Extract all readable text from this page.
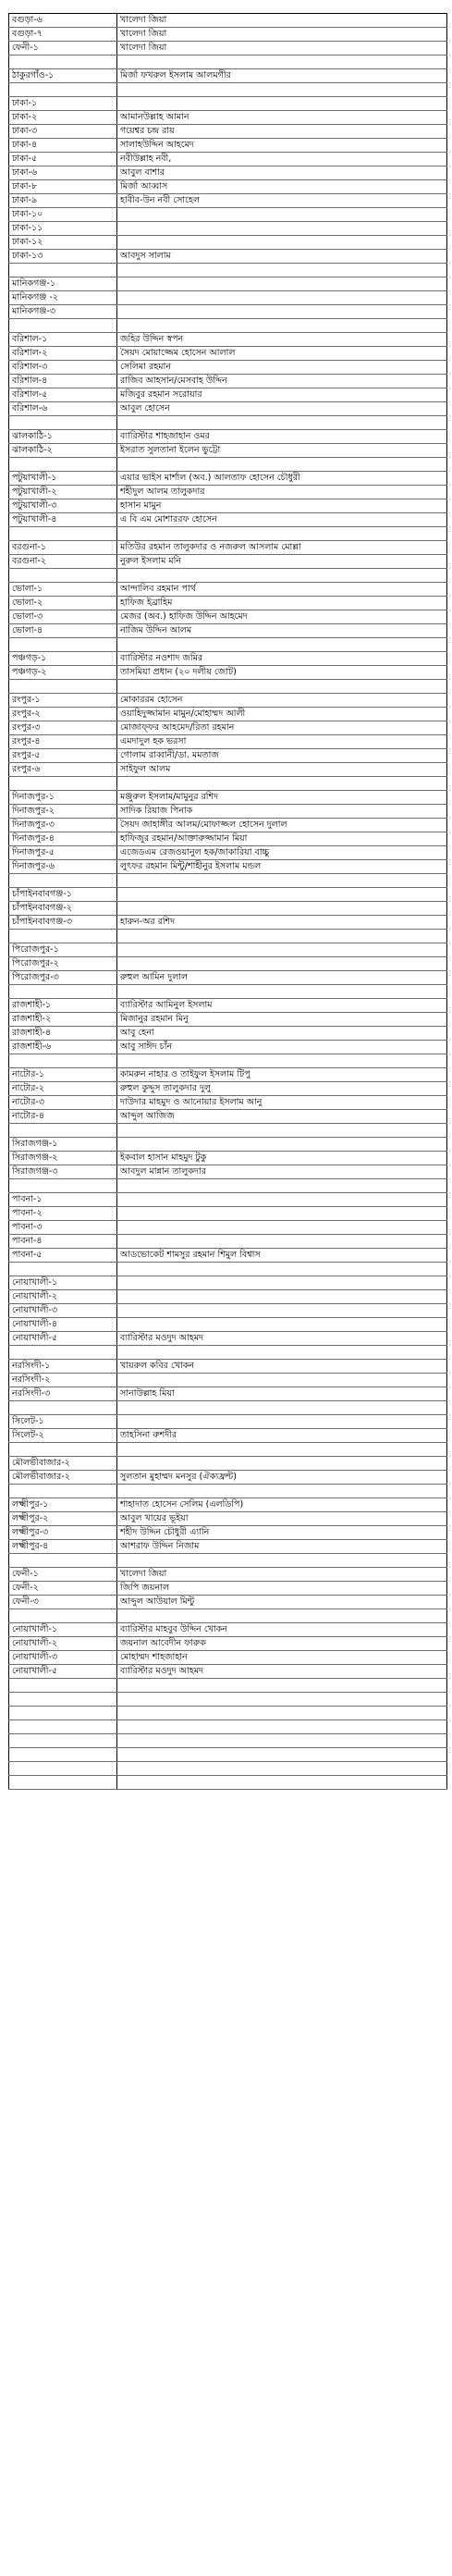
বগুড়া-৬	খালেদা জিয়া
বগুড়া-৭	খালেদা জিয়া
ফেনী-১	খালেদা জিয়া

ঠাকুরগাঁও-১	মির্জা ফখরুল ইসলাম আলমগীর

ঢাকা-১	
ঢাকা-২	আমানউল্লাহ আমান
ঢাকা-৩	গয়েশ্বর চন্দ্র রায়
ঢাকা-৪	সালাহউদ্দিন আহমেদ
ঢাকা-৫	নবীউল্লাহ নবী,
ঢাকা-৬	আবুল বাশার
ঢাকা-৮	মির্জা আব্বাস
ঢাকা-৯	হাবীব-উন নবী সোহেল
ঢাকা-১০	
ঢাকা-১১	
ঢাকা-১২	
ঢাকা-১৩	আবদুস সালাম

মানিকগঞ্জ-১	
মানিকগঞ্জ -২	
মানিকগঞ্জ-৩	

বরিশাল-১	জহির উদ্দিন স্বপন
বরিশাল-২	সৈয়দ মোয়াজ্জেম হোসেন আলাল
বরিশাল-৩	সেলিমা রহমান
বরিশাল-৪	রাজিব আহসান/মেসবাহ উদ্দিন
বরিশাল-৫	মজিবুর রহমান সরোয়ার
বরিশাল-৬	আবুল হোসেন

ঝালকাঠি-১	ব্যারিস্টার শাহজাহান ওমর
ঝালকাঠি-২	ইসরাত সুলতানা ইলেন ভুট্টো

পটুয়াখালী-১	এয়ার ভাইস মার্শাল (অব.) আলতাফ হোসেন চৌধুরী
পটুয়াখালী-২	শহীদুল আলম তালুকদার
পটুয়াখালী-৩	হাসান মামুন
পটুয়াখালী-৪	এ বি এম মোশাররফ হোসেন

বরগুনা-১	মতিউর রহমান তালুকদার ও নজরুল আসলাম মোল্লা
বরগুনা-২	নুরুল ইসলাম মনি

ভোলা-১	আন্দালিব রহমান পার্থ
ভোলা-২	হাফিজ ইব্রাহিম
ভোলা-৩	মেজর (অব.) হাফিজ উদ্দিন আহমেদ
ভোলা-৪	নাজিম উদ্দিন আলম

পঞ্চগড়-১	ব্যারিস্টার নওশাদ জমির
পঞ্চগড়-২	তাসমিয়া প্রধান (২০ দলীয় জোট)

রংপুর-১	মোকাররম হোসেন
রংপুর-২	ওয়াহিদুজ্জামান মামুন/মোহাম্মদ আলী
রংপুর-৩	মোজাফ্‌ফর আহমেদ/রিতা রহমান
রংপুর-৪	এমদাদুল হক ভরসা
রংপুর-৫	গোলাম রাব্বানী/ডা. মমতাজ
রংপুর-৬	সাইফুল আলম

দিনাজপুর-১	মঞ্জুরুল ইসলাম/মামুনুর রশিদ
দিনাজপুর-২	সাদিক রিয়াজ পিনাক
দিনাজপুর-৩	সৈয়দ জাহাঙ্গীর আলম/মোফাজ্জল হোসেন দুলাল
দিনাজপুর-৪	হাফিজুর রহমান/আক্তারুজ্জামান মিয়া
দিনাজপুর-৫	এজেডএম রেজওয়ানুল হক/জাকারিয়া বাচ্চু
দিনাজপুর-৬	লুৎফর রহমান মিন্টু/শাহীনুর ইসলাম মন্ডল

চাঁপাইনবাবগঞ্জ-১	
চাঁপাইনবাবগঞ্জ-২	
চাঁপাইনবাবগঞ্জ-৩	হারুন-অর রশিদ

পিরোজপুর-১	
পিরোজপুর-২	
পিরোজপুর-৩	রুহুল আমিন দুলাল

রাজশাহী-১	ব্যারিস্টার আমিনুল ইসলাম
রাজশাহী-২	মিজানুর রহমান মিনু
রাজশাহী-৪	আবু হেনা
রাজশাহী-৬	আবু সাঈদ চাঁন

নাটোর-১	কামরুন নাহার ও তাইফুল ইসলাম টিপু
নাটোর-২	রুহুল কুদ্দুস তালুকদার দুলু
নাটোর-৩	দাউদার মাহমুদ ও আনোয়ার ইসলাম আনু
নাটোর-৪	আব্দুল আজিজ

সিরাজগঞ্জ-১	
সিরাজগঞ্জ-২	ইকবাল হাসান মাহমুদ টুকু
সিরাজগঞ্জ-৩	আবদুল মান্নান তালুকদার

পাবনা-১	
পাবনা-২	
পাবনা-৩	
পাবনা-৪	
পাবনা-৫	আডভোকেট শামসুর রহমান শিমুল বিশ্বাস

নোয়াখালী-১	
নোয়াখালী-২	
নোয়াখালী-৩	
নোয়াখালী-৪	
নোয়াখালী-৫	ব্যারিস্টার মওদুদ আহমদ

নরসিংদী-১	খায়রুল কবির খোকন
নরসিংদী-২	
নরসিংদী-৩	সানাউল্লাহ মিয়া

সিলেট-১	
সিলেট-২	তাহসিনা রুশদীর

মৌলভীবাজার-২	
মৌলভীবাজার-২	সুলতান মুহাম্মদ মনসুর (ঐক্যফ্রন্ট)

লক্ষ্মীপুর-১	শাহাদাত হোসেন সেলিম (এলডিপি)
লক্ষ্মীপুর-২	আবুল খায়ের ভূইয়া
লক্ষ্মীপুর-৩	শহীদ উদ্দিন চৌধুরী এ্যানি
লক্ষ্মীপুর-৪	আশরাফ উদ্দিন নিজাম

ফেনী-১	খালেদা জিয়া
ফেনী-২	জিপি জয়নাল
ফেনী-৩	আব্দুল আউয়াল মিন্টু

নোয়াখালী-১	ব্যারিস্টার মাহবুব উদ্দিন খোকন
নোয়াখালী-২	জয়নাল আবেদীন ফারুক
নোয়াখালী-৩	মোহাম্মদ শাহজাহান
নোয়াখালী-৫	ব্যারিস্টার মওদুদ আহমদ
